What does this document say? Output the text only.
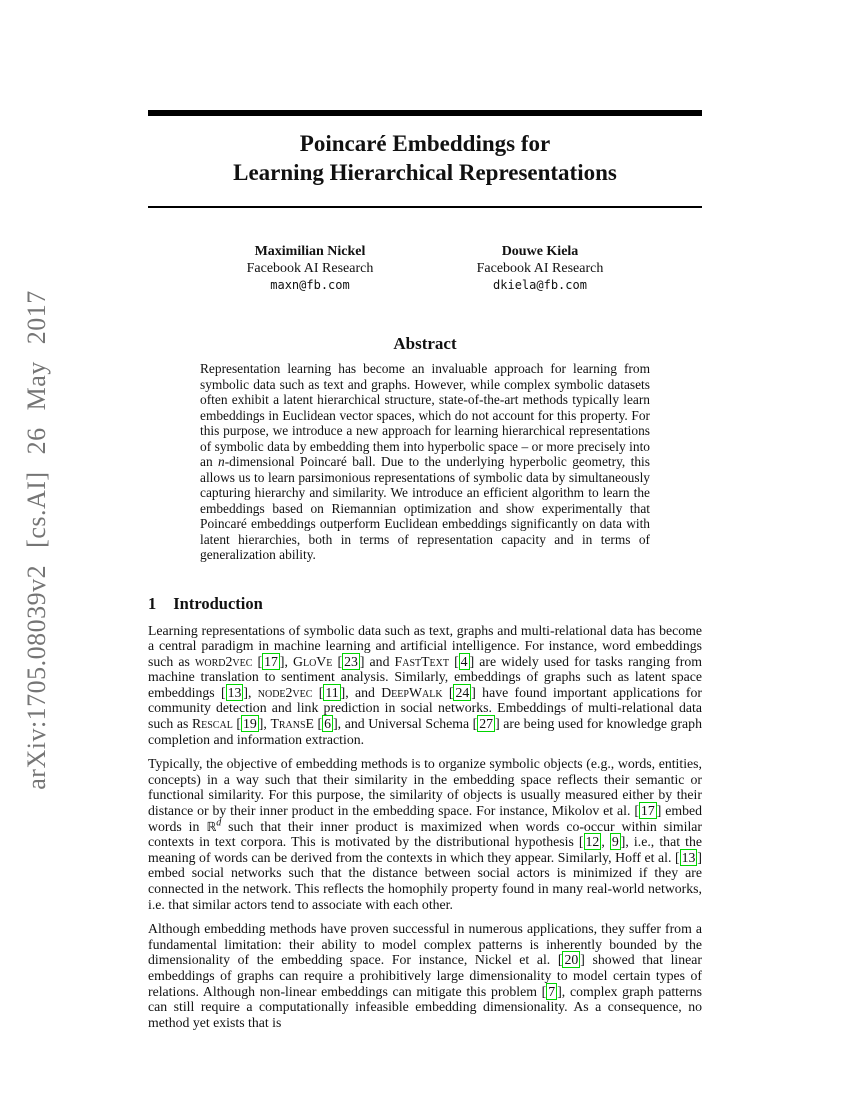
arXiv:1705.08039v2 [cs.AI] 26 May 2017
Poincaré Embeddings for
Learning Hierarchical Representations
Maximilian Nickel
Facebook AI Research
maxn@fb.com
Douwe Kiela
Facebook AI Research
dkiela@fb.com
Abstract

Representation learning has become an invaluable approach for learning from symbolic data such as text and graphs. However, while complex symbolic datasets often exhibit a latent hierarchical structure, state-of-the-art methods typically learn embeddings in Euclidean vector spaces, which do not account for this property. For this purpose, we introduce a new approach for learning hierarchical representations of symbolic data by embedding them into hyperbolic space – or more precisely into an n-dimensional Poincaré ball. Due to the underlying hyperbolic geometry, this allows us to learn parsimonious representations of symbolic data by simultaneously capturing hierarchy and similarity. We introduce an efficient algorithm to learn the embeddings based on Riemannian optimization and show experimentally that Poincaré embeddings outperform Euclidean embeddings significantly on data with latent hierarchies, both in terms of representation capacity and in terms of generalization ability.

1 Introduction

Learning representations of symbolic data such as text, graphs and multi-relational data has become a central paradigm in machine learning and artificial intelligence. For instance, word embeddings such as word2vec [ 17 ], GloVe [ 23 ] and FastText [ 4 ] are widely used for tasks ranging from machine translation to sentiment analysis. Similarly, embeddings of graphs such as latent space embeddings [ 13 ], node2vec [ 11 ], and DeepWalk [ 24 ] have found important applications for community detection and link prediction in social networks. Embeddings of multi-relational data such as Rescal [ 19 ], TransE [ 6 ], and Universal Schema [ 27 ] are being used for knowledge graph completion and information extraction.

Typically, the objective of embedding methods is to organize symbolic objects (e.g., words, entities, concepts) in a way such that their similarity in the embedding space reflects their semantic or functional similarity. For this purpose, the similarity of objects is usually measured either by their distance or by their inner product in the embedding space. For instance, Mikolov et al. [ 17 ] embed words in ℝ$^d$ such that their inner product is maximized when words co-occur within similar contexts in text corpora. This is motivated by the distributional hypothesis [ 12 , 9 ], i.e., that the meaning of words can be derived from the contexts in which they appear. Similarly, Hoff et al. [ 13 ] embed social networks such that the distance between social actors is minimized if they are connected in the network. This reflects the homophily property found in many real-world networks, i.e. that similar actors tend to associate with each other.

Although embedding methods have proven successful in numerous applications, they suffer from a fundamental limitation: their ability to model complex patterns is inherently bounded by the dimensionality of the embedding space. For instance, Nickel et al. [ 20 ] showed that linear embeddings of graphs can require a prohibitively large dimensionality to model certain types of relations. Although non-linear embeddings can mitigate this problem [ 7 ], complex graph patterns can still require a computationally infeasible embedding dimensionality. As a consequence, no method yet exists that is
